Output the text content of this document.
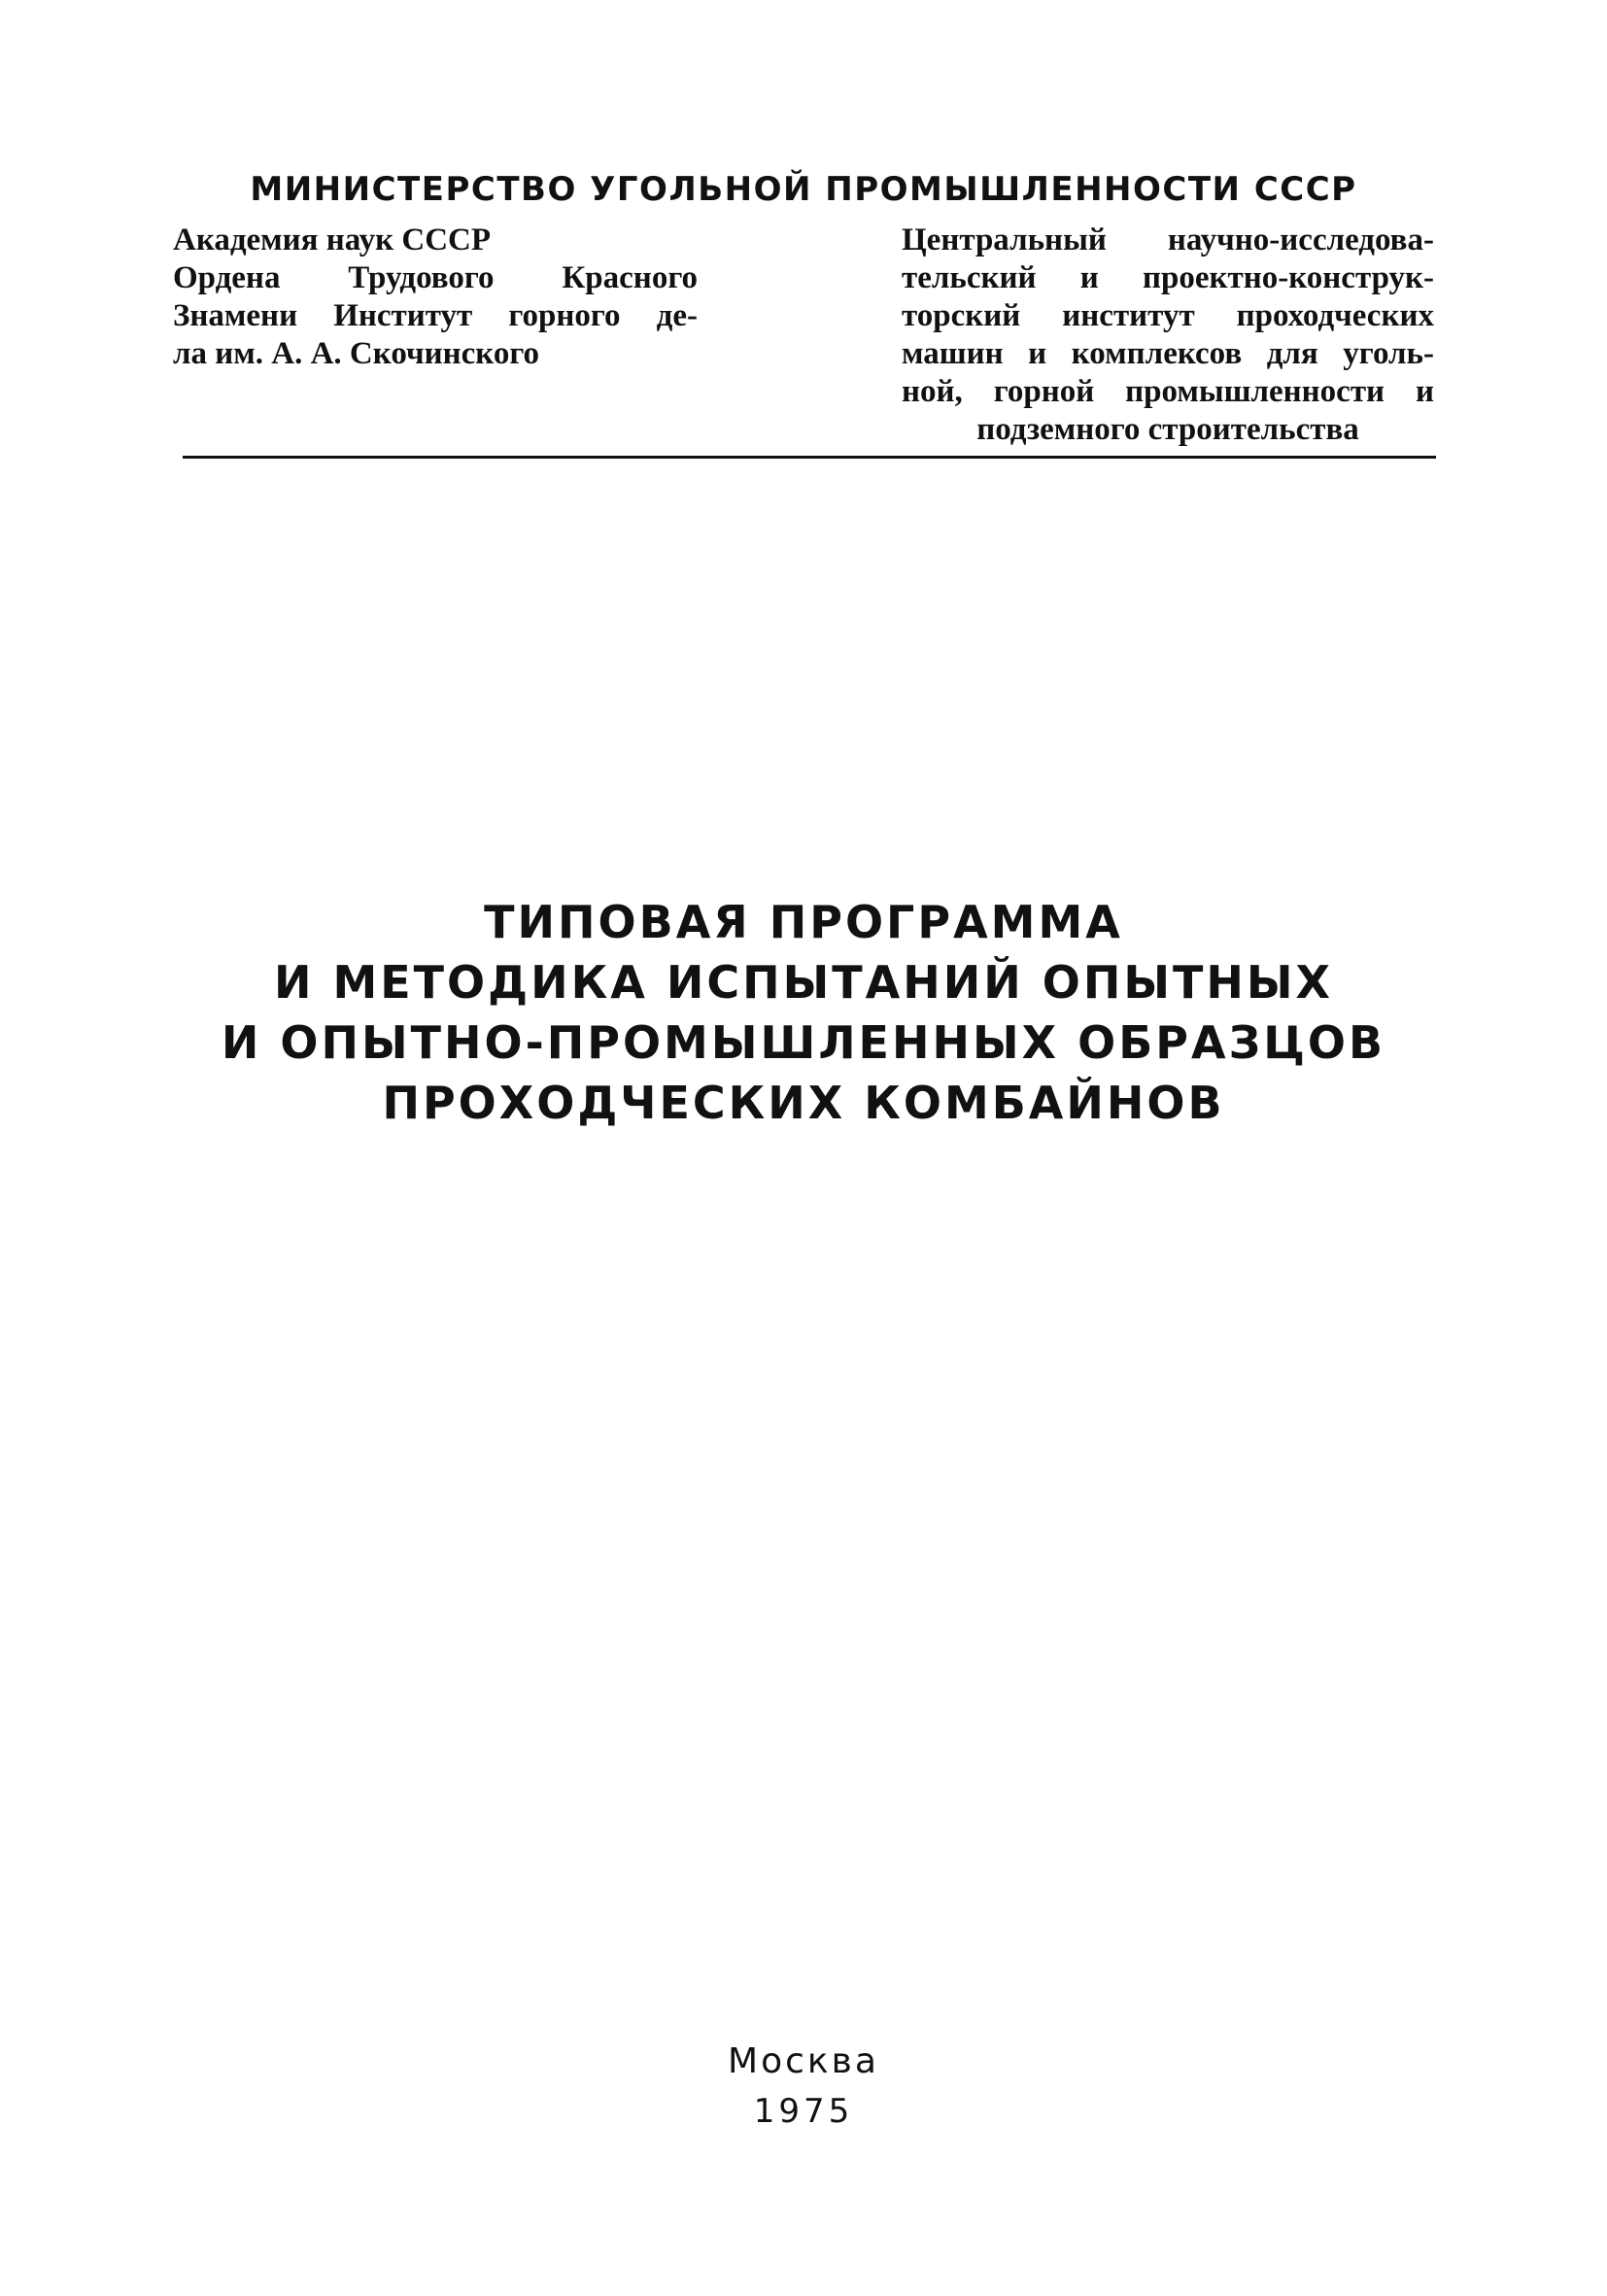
МИНИСТЕРСТВО УГОЛЬНОЙ ПРОМЫШЛЕННОСТИ СССР
Академия наук СССР
Ордена Трудового Красного
Знамени Институт горного де-
ла им. А. А. Скочинского
Центральный научно-исследова-
тельский и проектно-конструк-
торский институт проходческих
машин и комплексов для уголь-
ной, горной промышленности и
подземного строительства
ТИПОВАЯ ПРОГРАММА
И МЕТОДИКА ИСПЫТАНИЙ ОПЫТНЫХ
И ОПЫТНО-ПРОМЫШЛЕННЫХ ОБРАЗЦОВ
ПРОХОДЧЕСКИХ КОМБАЙНОВ
Москва
1975
